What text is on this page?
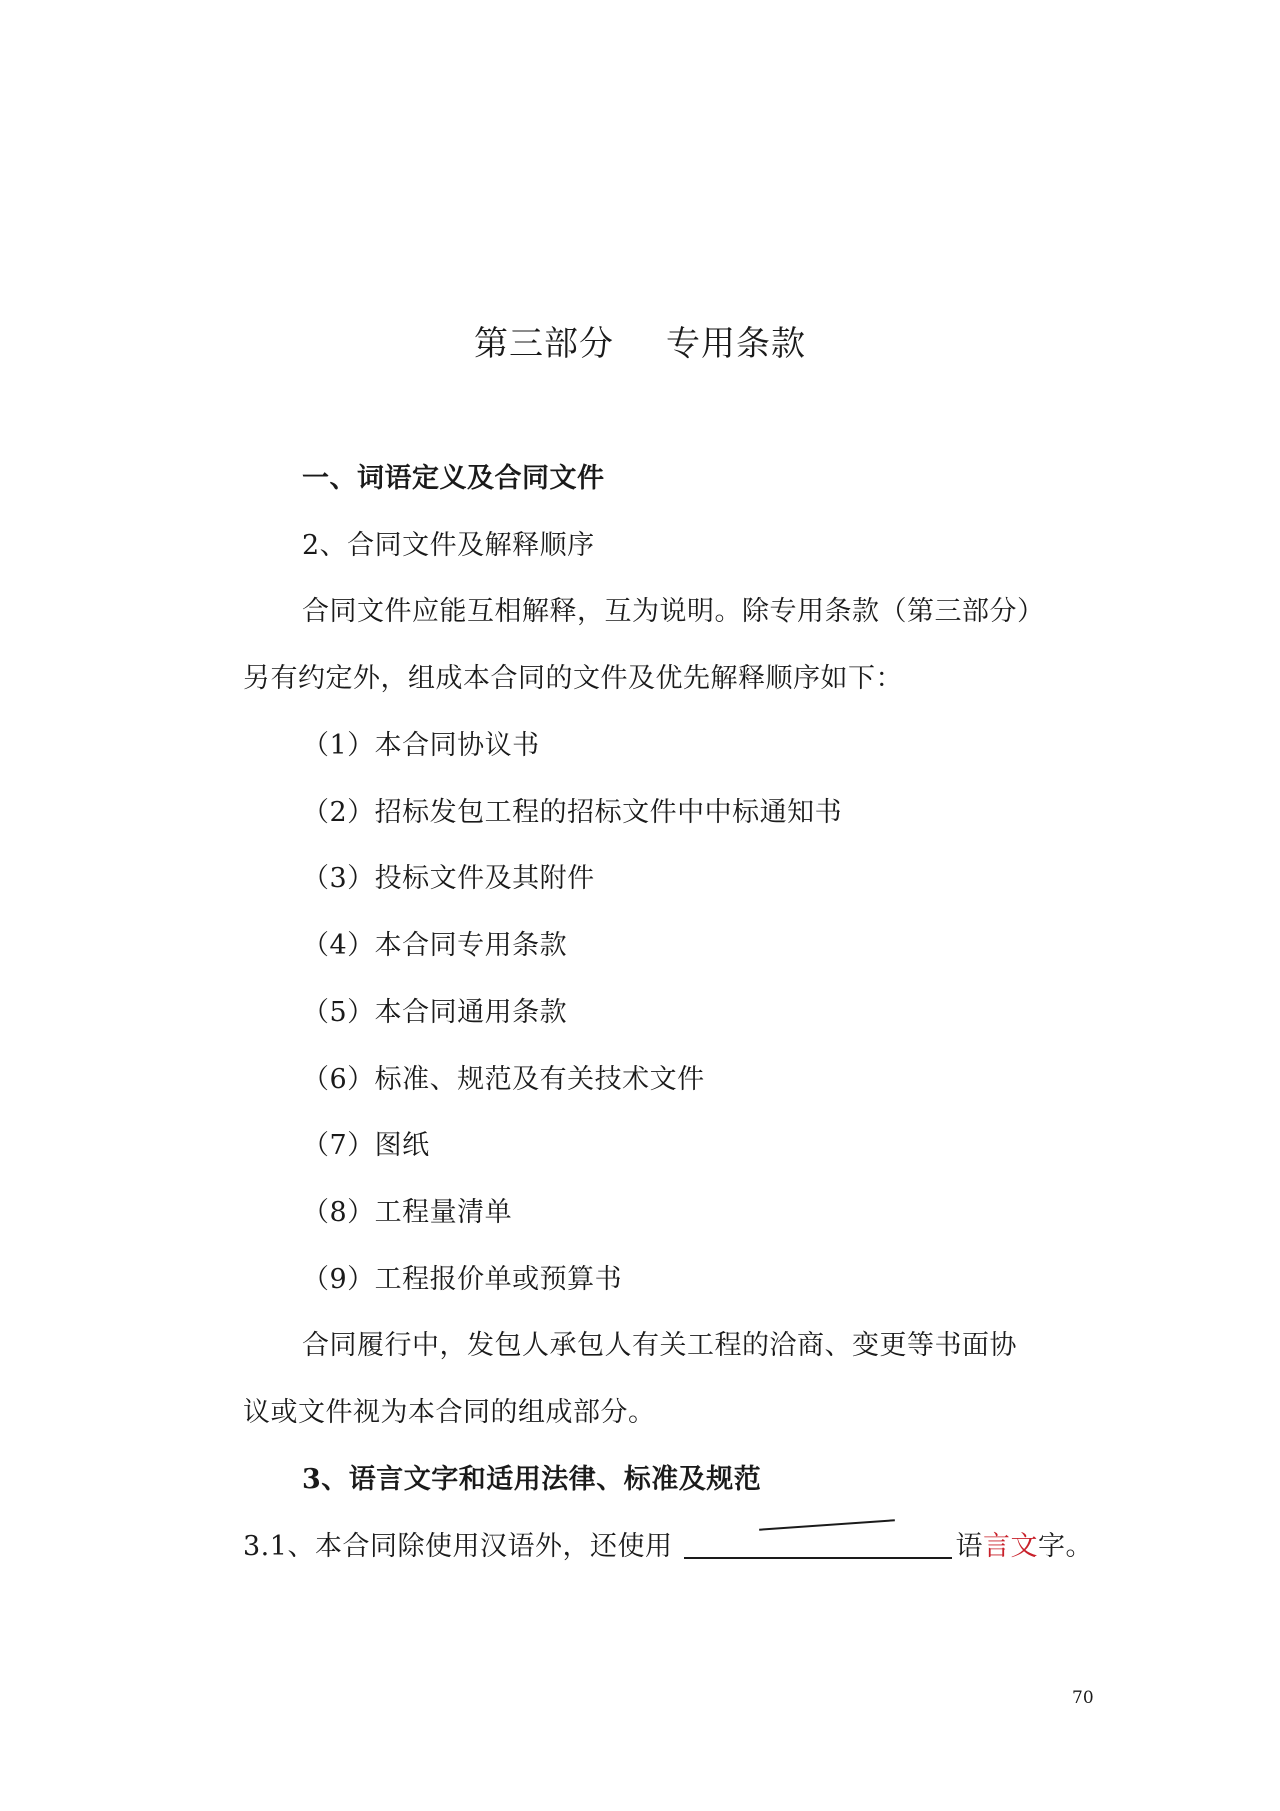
第三部分 专用条款
一、词语定义及合同文件
2、合同文件及解释顺序
合同文件应能互相解释，互为说明。除专用条款（第三部分）
另有约定外，组成本合同的文件及优先解释顺序如下：
（1）本合同协议书
（2）招标发包工程的招标文件中中标通知书
（3）投标文件及其附件
（4）本合同专用条款
（5）本合同通用条款
（6）标准、规范及有关技术文件
（7）图纸
（8）工程量清单
（9）工程报价单或预算书
合同履行中，发包人承包人有关工程的洽商、变更等书面协
议或文件视为本合同的组成部分。
3、语言文字和适用法律、标准及规范
3.1、本合同除使用汉语外，还使用	语言文字。
70
